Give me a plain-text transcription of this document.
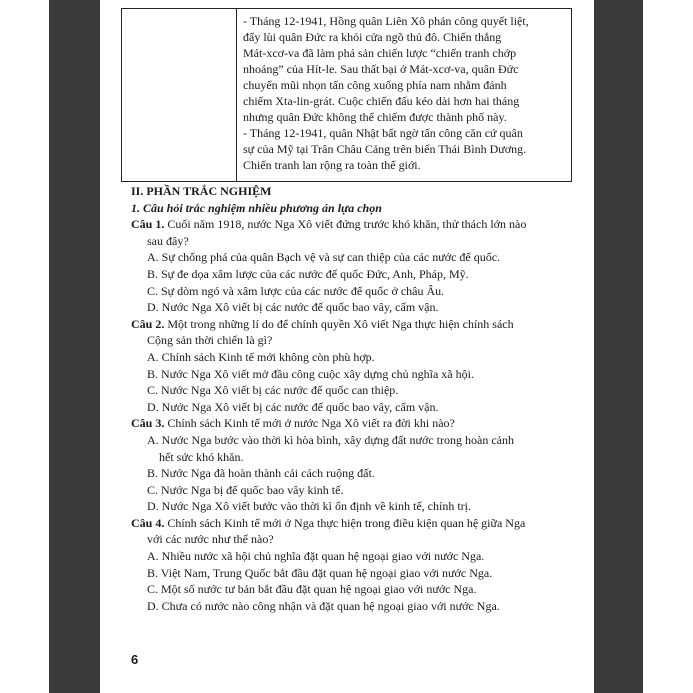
- Tháng 12-1941, Hồng quân Liên Xô phản công quyết liệt,
đẩy lùi quân Đức ra khỏi cửa ngõ thủ đô. Chiến thắng
Mát-xcơ-va đã làm phá sản chiến lược “chiến tranh chớp
nhoáng” của Hít-le. Sau thất bại ở Mát-xcơ-va, quân Đức
chuyển mũi nhọn tấn công xuống phía nam nhằm đánh
chiếm Xta-lin-grát. Cuộc chiến đấu kéo dài hơn hai tháng
nhưng quân Đức không thể chiếm được thành phố này.

- Tháng 12-1941, quân Nhật bất ngờ tấn công căn cứ quân
sự của Mỹ tại Trân Châu Cảng trên biển Thái Bình Dương.
Chiến tranh lan rộng ra toàn thế giới.

II. PHẦN TRẮC NGHIỆM
1. Câu hỏi trắc nghiệm nhiều phương án lựa chọn
Câu 1. Cuối năm 1918, nước Nga Xô viết đứng trước khó khăn, thử thách lớn nào
sau đây?
A. Sự chống phá của quân Bạch vệ và sự can thiệp của các nước đế quốc.
B. Sự đe dọa xâm lược của các nước đế quốc Đức, Anh, Pháp, Mỹ.
C. Sự dòm ngó và xâm lược của các nước đế quốc ở châu Âu.
D. Nước Nga Xô viết bị các nước đế quốc bao vây, cấm vận.
Câu 2. Một trong những lí do để chính quyền Xô viết Nga thực hiện chính sách
Cộng sản thời chiến là gì?
A. Chính sách Kinh tế mới không còn phù hợp.
B. Nước Nga Xô viết mở đầu công cuộc xây dựng chủ nghĩa xã hội.
C. Nước Nga Xô viết bị các nước đế quốc can thiệp.
D. Nước Nga Xô viết bị các nước đế quốc bao vây, cấm vận.
Câu 3. Chính sách Kinh tế mới ở nước Nga Xô viết ra đời khi nào?
A. Nước Nga bước vào thời kì hòa bình, xây dựng đất nước trong hoàn cảnh
hết sức khó khăn.
B. Nước Nga đã hoàn thành cải cách ruộng đất.
C. Nước Nga bị đế quốc bao vây kinh tế.
D. Nước Nga Xô viết bước vào thời kì ổn định về kinh tế, chính trị.
Câu 4. Chính sách Kinh tế mới ở Nga thực hiện trong điều kiện quan hệ giữa Nga
với các nước như thế nào?
A. Nhiều nước xã hội chủ nghĩa đặt quan hệ ngoại giao với nước Nga.
B. Việt Nam, Trung Quốc bắt đầu đặt quan hệ ngoại giao với nước Nga.
C. Một số nước tư bản bắt đầu đặt quan hệ ngoại giao với nước Nga.
D. Chưa có nước nào công nhận và đặt quan hệ ngoại giao với nước Nga.
6
